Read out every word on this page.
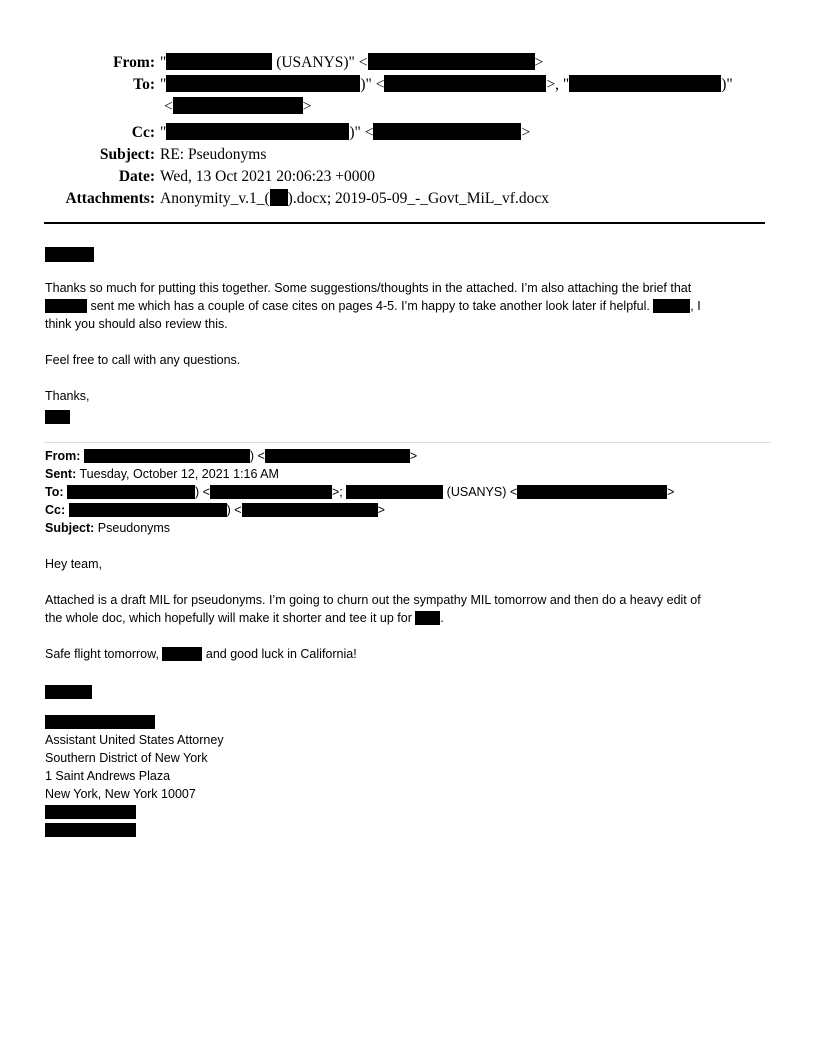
From: "	(USANYS)" <	>
To: "	)" <	>, "	)"
<	>
Cc: "	)" <	>
Subject: RE: Pseudonyms
Date: Wed, 13 Oct 2021 20:06:23 +0000
Attachments: Anonymity_v.1_( ).docx; 2019-05-09_-_Govt_MiL_vf.docx

Thanks so much for putting this together. Some suggestions/thoughts in the attached. I’m also attaching the brief that

sent me which has a couple of case cites on pages 4-5. I’m happy to take another look later if helpful.	, I

think you should also review this.

Feel free to call with any questions.
Thanks,
From:	) <	>
Sent: Tuesday, October 12, 2021 1:16 AM
To:	) <	>;	(USANYS) <	>
Cc:	) <	>
Subject: Pseudonyms
Hey team,
Attached is a draft MIL for pseudonyms. I’m going to churn out the sympathy MIL tomorrow and then do a heavy edit of
the whole doc, which hopefully will make it shorter and tee it up for .
Safe flight tomorrow,	and good luck in California!
Assistant United States Attorney
Southern District of New York
1 Saint Andrews Plaza
New York, New York 10007
